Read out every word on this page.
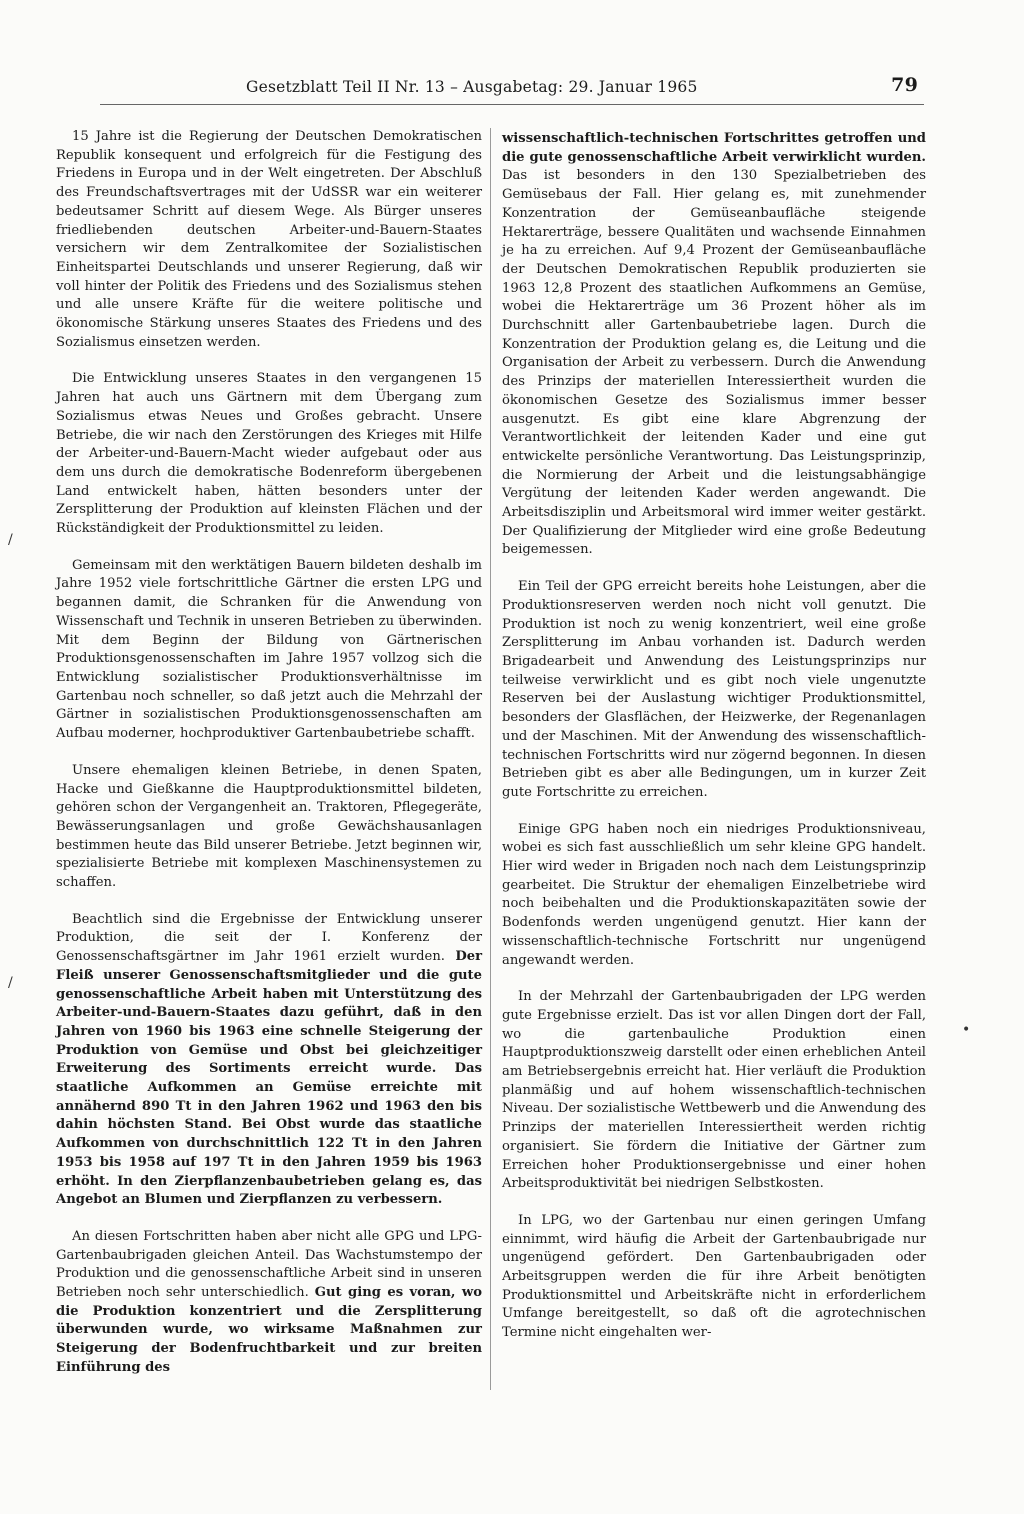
Gesetzblatt Teil II Nr. 13 – Ausgabetag: 29. Januar 1965	79

15 Jahre ist die Regierung der Deutschen Demokratischen Republik konsequent und erfolgreich für die Festigung des Friedens in Europa und in der Welt eingetreten. Der Abschluß des Freundschaftsvertrages mit der UdSSR war ein weiterer bedeutsamer Schritt auf diesem Wege. Als Bürger unseres friedliebenden deutschen Arbeiter-und-Bauern-Staates versichern wir dem Zentralkomitee der Sozialistischen Einheitspartei Deutschlands und unserer Regierung, daß wir voll hinter der Politik des Friedens und des Sozialismus stehen und alle unsere Kräfte für die weitere politische und ökonomische Stärkung unseres Staates des Friedens und des Sozialismus einsetzen werden.

Die Entwicklung unseres Staates in den vergangenen 15 Jahren hat auch uns Gärtnern mit dem Übergang zum Sozialismus etwas Neues und Großes gebracht. Unsere Betriebe, die wir nach den Zerstörungen des Krieges mit Hilfe der Arbeiter-und-Bauern-Macht wieder aufgebaut oder aus dem uns durch die demokratische Bodenreform übergebenen Land entwickelt haben, hätten besonders unter der Zersplitterung der Produktion auf kleinsten Flächen und der Rückständigkeit der Produktionsmittel zu leiden.

Gemeinsam mit den werktätigen Bauern bildeten deshalb im Jahre 1952 viele fortschrittliche Gärtner die ersten LPG und begannen damit, die Schranken für die Anwendung von Wissenschaft und Technik in unseren Betrieben zu überwinden. Mit dem Beginn der Bildung von Gärtnerischen Produktionsgenossenschaften im Jahre 1957 vollzog sich die Entwicklung sozialistischer Produktionsverhältnisse im Gartenbau noch schneller, so daß jetzt auch die Mehrzahl der Gärtner in sozialistischen Produktionsgenossenschaften am Aufbau moderner, hochproduktiver Gartenbaubetriebe schafft.

Unsere ehemaligen kleinen Betriebe, in denen Spaten, Hacke und Gießkanne die Hauptproduktionsmittel bildeten, gehören schon der Vergangenheit an. Traktoren, Pflegegeräte, Bewässerungsanlagen und große Gewächshausanlagen bestimmen heute das Bild unserer Betriebe. Jetzt beginnen wir, spezialisierte Betriebe mit komplexen Maschinensystemen zu schaffen.

Beachtlich sind die Ergebnisse der Entwicklung unserer Produktion, die seit der I. Konferenz der Genossenschaftsgärtner im Jahr 1961 erzielt wurden. Der Fleiß unserer Genossenschaftsmitglieder und die gute genossenschaftliche Arbeit haben mit Unterstützung des Arbeiter-und-Bauern-Staates dazu geführt, daß in den Jahren von 1960 bis 1963 eine schnelle Steigerung der Produktion von Gemüse und Obst bei gleichzeitiger Erweiterung des Sortiments erreicht wurde. Das staatliche Aufkommen an Gemüse erreichte mit annähernd 890 Tt in den Jahren 1962 und 1963 den bis dahin höchsten Stand. Bei Obst wurde das staatliche Aufkommen von durchschnittlich 122 Tt in den Jahren 1953 bis 1958 auf 197 Tt in den Jahren 1959 bis 1963 erhöht. In den Zierpflanzenbaubetrieben gelang es, das Angebot an Blumen und Zierpflanzen zu verbessern.

An diesen Fortschritten haben aber nicht alle GPG und LPG-Gartenbaubrigaden gleichen Anteil. Das Wachstumstempo der Produktion und die genossenschaftliche Arbeit sind in unseren Betrieben noch sehr unterschiedlich. Gut ging es voran, wo die Produktion konzentriert und die Zersplitterung überwunden wurde, wo wirksame Maßnahmen zur Steigerung der Bodenfruchtbarkeit und zur breiten Einführung des

wissenschaftlich-technischen Fortschrittes getroffen und die gute genossenschaftliche Arbeit verwirklicht wurden. Das ist besonders in den 130 Spezialbetrieben des Gemüsebaus der Fall. Hier gelang es, mit zunehmender Konzentration der Gemüseanbaufläche steigende Hektarerträge, bessere Qualitäten und wachsende Einnahmen je ha zu erreichen. Auf 9,4 Prozent der Gemüseanbaufläche der Deutschen Demokratischen Republik produzierten sie 1963 12,8 Prozent des staatlichen Aufkommens an Gemüse, wobei die Hektarerträge um 36 Prozent höher als im Durchschnitt aller Gartenbaubetriebe lagen. Durch die Konzentration der Produktion gelang es, die Leitung und die Organisation der Arbeit zu verbessern. Durch die Anwendung des Prinzips der materiellen Interessiertheit wurden die ökonomischen Gesetze des Sozialismus immer besser ausgenutzt. Es gibt eine klare Abgrenzung der Verantwortlichkeit der leitenden Kader und eine gut entwickelte persönliche Verantwortung. Das Leistungsprinzip, die Normierung der Arbeit und die leistungsabhängige Vergütung der leitenden Kader werden angewandt. Die Arbeitsdisziplin und Arbeitsmoral wird immer weiter gestärkt. Der Qualifizierung der Mitglieder wird eine große Bedeutung beigemessen.

Ein Teil der GPG erreicht bereits hohe Leistungen, aber die Produktionsreserven werden noch nicht voll genutzt. Die Produktion ist noch zu wenig konzentriert, weil eine große Zersplitterung im Anbau vorhanden ist. Dadurch werden Brigadearbeit und Anwendung des Leistungsprinzips nur teilweise verwirklicht und es gibt noch viele ungenutzte Reserven bei der Auslastung wichtiger Produktionsmittel, besonders der Glasflächen, der Heizwerke, der Regenanlagen und der Maschinen. Mit der Anwendung des wissenschaftlich-technischen Fortschritts wird nur zögernd begonnen. In diesen Betrieben gibt es aber alle Bedingungen, um in kurzer Zeit gute Fortschritte zu erreichen.

Einige GPG haben noch ein niedriges Produktionsniveau, wobei es sich fast ausschließlich um sehr kleine GPG handelt. Hier wird weder in Brigaden noch nach dem Leistungsprinzip gearbeitet. Die Struktur der ehemaligen Einzelbetriebe wird noch beibehalten und die Produktionskapazitäten sowie der Bodenfonds werden ungenügend genutzt. Hier kann der wissenschaftlich-technische Fortschritt nur ungenügend angewandt werden.

In der Mehrzahl der Gartenbaubrigaden der LPG werden gute Ergebnisse erzielt. Das ist vor allen Dingen dort der Fall, wo die gartenbauliche Produktion einen Hauptproduktionszweig darstellt oder einen erheblichen Anteil am Betriebsergebnis erreicht hat. Hier verläuft die Produktion planmäßig und auf hohem wissenschaftlich-technischen Niveau. Der sozialistische Wettbewerb und die Anwendung des Prinzips der materiellen Interessiertheit werden richtig organisiert. Sie fördern die Initiative der Gärtner zum Erreichen hoher Produktionsergebnisse und einer hohen Arbeitsproduktivität bei niedrigen Selbstkosten.

In LPG, wo der Gartenbau nur einen geringen Umfang einnimmt, wird häufig die Arbeit der Gartenbaubrigade nur ungenügend gefördert. Den Gartenbaubrigaden oder Arbeitsgruppen werden die für ihre Arbeit benötigten Produktionsmittel und Arbeitskräfte nicht in erforderlichem Umfange bereitgestellt, so daß oft die agrotechnischen Termine nicht eingehalten wer-

/
/
•
